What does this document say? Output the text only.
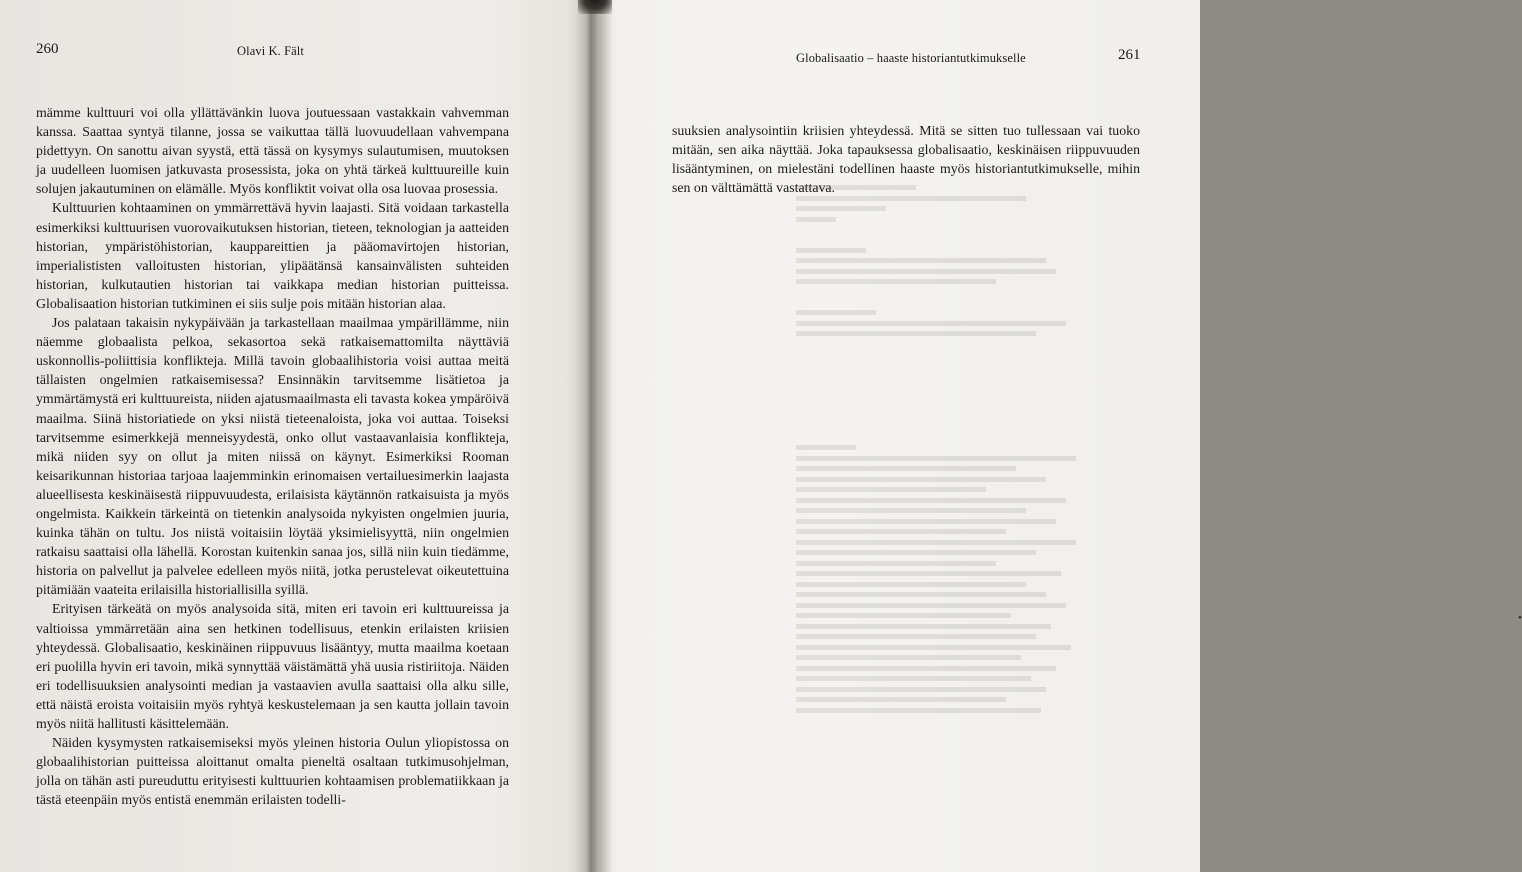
260	Olavi K. Fält

mämme kulttuuri voi olla yllättävänkin luova joutuessaan vastakkain vahvemman kanssa. Saattaa syntyä tilanne, jossa se vaikuttaa tällä luovuudellaan vahvempana pidettyyn. On sanottu aivan syystä, että tässä on kysymys sulautumisen, muutoksen ja uudelleen luomisen jatkuvasta prosessista, joka on yhtä tärkeä kulttuureille kuin solujen jakautuminen on elämälle. Myös konfliktit voivat olla osa luovaa prosessia.

Kulttuurien kohtaaminen on ymmärrettävä hyvin laajasti. Sitä voidaan tarkastella esimerkiksi kulttuurisen vuorovaikutuksen historian, tieteen, teknologian ja aatteiden historian, ympäristöhistorian, kauppareittien ja pääomavirtojen historian, imperialististen valloitusten historian, ylipäätänsä kansainvälisten suhteiden historian, kulkutautien historian tai vaikkapa median historian puitteissa. Globalisaation historian tutkiminen ei siis sulje pois mitään historian alaa.

Jos palataan takaisin nykypäivään ja tarkastellaan maailmaa ympärillämme, niin näemme globaalista pelkoa, sekasortoa sekä ratkaisemattomilta näyttäviä uskonnollis-poliittisia konflikteja. Millä tavoin globaalihistoria voisi auttaa meitä tällaisten ongelmien ratkaisemisessa? Ensinnäkin tarvitsemme lisätietoa ja ymmärtämystä eri kulttuureista, niiden ajatusmaailmasta eli tavasta kokea ympäröivä maailma. Siinä historiatiede on yksi niistä tieteenaloista, joka voi auttaa. Toiseksi tarvitsemme esimerkkejä menneisyydestä, onko ollut vastaavanlaisia konflikteja, mikä niiden syy on ollut ja miten niissä on käynyt. Esimerkiksi Rooman keisarikunnan historiaa tarjoaa laajemminkin erinomaisen vertailuesimerkin laajasta alueellisesta keskinäisestä riippuvuudesta, erilaisista käytännön ratkaisuista ja myös ongelmista. Kaikkein tärkeintä on tietenkin analysoida nykyisten ongelmien juuria, kuinka tähän on tultu. Jos niistä voitaisiin löytää yksimielisyyttä, niin ongelmien ratkaisu saattaisi olla lähellä. Korostan kuitenkin sanaa jos, sillä niin kuin tiedämme, historia on palvellut ja palvelee edelleen myös niitä, jotka perustelevat oikeutettuina pitämiään vaateita erilaisilla historiallisilla syillä.

Erityisen tärkeätä on myös analysoida sitä, miten eri tavoin eri kulttuureissa ja valtioissa ymmärretään aina sen hetkinen todellisuus, etenkin erilaisten kriisien yhteydessä. Globalisaatio, keskinäinen riippuvuus lisääntyy, mutta maailma koetaan eri puolilla hyvin eri tavoin, mikä synnyttää väistämättä yhä uusia ristiriitoja. Näiden eri todellisuuksien analysointi median ja vastaavien avulla saattaisi olla alku sille, että näistä eroista voitaisiin myös ryhtyä keskustelemaan ja sen kautta jollain tavoin myös niitä hallitusti käsittelemään.

Näiden kysymysten ratkaisemiseksi myös yleinen historia Oulun yliopistossa on globaalihistorian puitteissa aloittanut omalta pieneltä osaltaan tutkimusohjelman, jolla on tähän asti pureuduttu erityisesti kulttuurien kohtaamisen problematiikkaan ja tästä eteenpäin myös entistä enemmän erilaisten todelli-

Globalisaatio – haaste historiantutkimukselle	261

suuksien analysointiin kriisien yhteydessä. Mitä se sitten tuo tullessaan vai tuoko mitään, sen aika näyttää. Joka tapauksessa globalisaatio, keskinäisen riippuvuuden lisääntyminen, on mielestäni todellinen haaste myös historiantutkimukselle, mihin sen on välttämättä vastattava.

•
